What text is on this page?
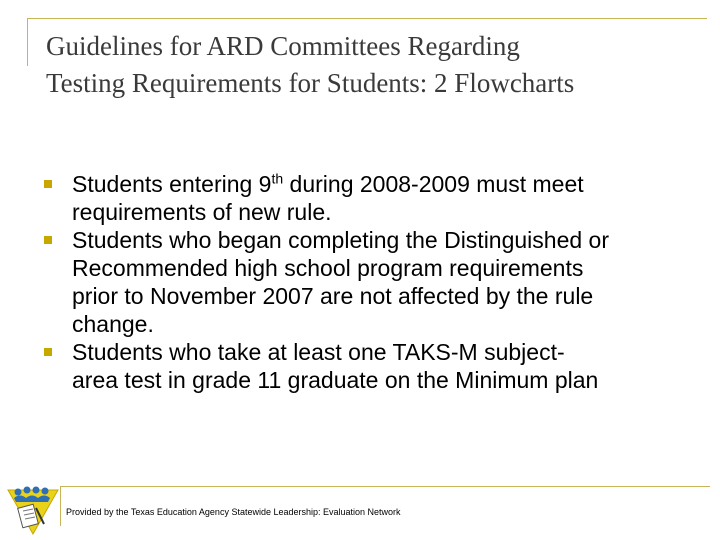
Guidelines for ARD Committees Regarding
Testing Requirements for Students: 2 Flowcharts
Students entering 9th during 2008-2009 must meet
requirements of new rule.
Students who began completing the Distinguished or
Recommended high school program requirements
prior to November 2007 are not affected by the rule
change.
Students who take at least one TAKS-M subject-
area test in grade 11 graduate on the Minimum plan
Provided by the Texas Education Agency Statewide Leadership: Evaluation Network
